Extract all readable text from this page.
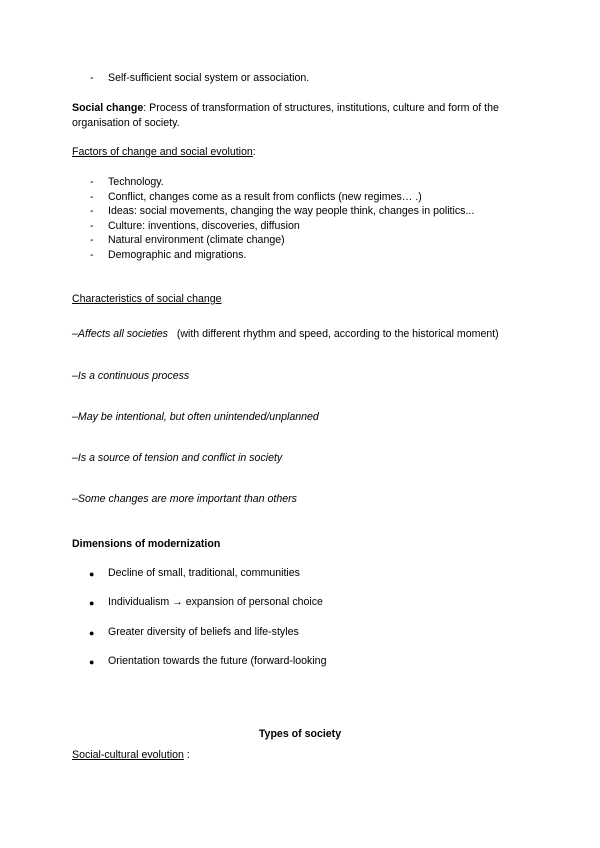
- Self-sufficient social system or association.
Social change: Process of transformation of structures, institutions, culture and form of the
organisation of society.
Factors of change and social evolution:
- Technology.
- Conflict, changes come as a result from conflicts (new regimes… .)
- Ideas: social movements, changing the way people think, changes in politics...
- Culture: inventions, discoveries, diffusion
- Natural environment (climate change)
- Demographic and migrations.
Characteristics of social change
–Affects all societies   (with different rhythm and speed, according to the historical moment)
–Is a continuous process
–May be intentional, but often unintended/unplanned
–Is a source of tension and conflict in society
–Some changes are more important than others
Dimensions of modernization
● Decline of small, traditional, communities
● Individualism → expansion of personal choice
● Greater diversity of beliefs and life-styles
● Orientation towards the future (forward-looking
Types of society
Social-cultural evolution :
